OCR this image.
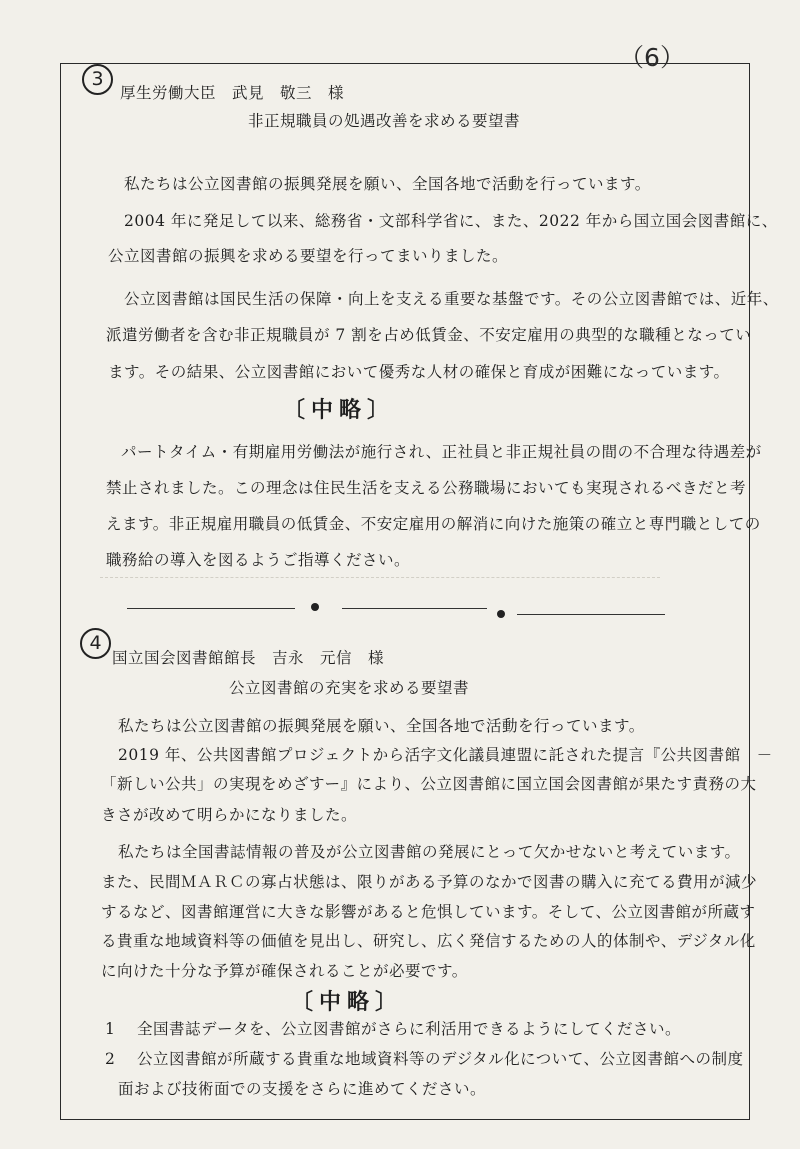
（6）
3
厚生労働大臣　武見　敬三　様
非正規職員の処遇改善を求める要望書
私たちは公立図書館の振興発展を願い、全国各地で活動を行っています。
2004 年に発足して以来、総務省・文部科学省に、また、2022 年から国立国会図書館に、
公立図書館の振興を求める要望を行ってまいりました。
公立図書館は国民生活の保障・向上を支える重要な基盤です。その公立図書館では、近年、
派遣労働者を含む非正規職員が 7 割を占め低賃金、不安定雇用の典型的な職種となってい
ます。その結果、公立図書館において優秀な人材の確保と育成が困難になっています。
〔中略〕
パートタイム・有期雇用労働法が施行され、正社員と非正規社員の間の不合理な待遇差が
禁止されました。この理念は住民生活を支える公務職場においても実現されるべきだと考
えます。非正規雇用職員の低賃金、不安定雇用の解消に向けた施策の確立と専門職としての
職務給の導入を図るようご指導ください。
4
国立国会図書館館長　吉永　元信　様
公立図書館の充実を求める要望書
私たちは公立図書館の振興発展を願い、全国各地で活動を行っています。
2019 年、公共図書館プロジェクトから活字文化議員連盟に託された提言『公共図書館　－
「新しい公共」の実現をめざすー』により、公立図書館に国立国会図書館が果たす責務の大
きさが改めて明らかになりました。
私たちは全国書誌情報の普及が公立図書館の発展にとって欠かせないと考えています。
また、民間ＭＡＲＣの寡占状態は、限りがある予算のなかで図書の購入に充てる費用が減少
するなど、図書館運営に大きな影響があると危惧しています。そして、公立図書館が所蔵す
る貴重な地域資料等の価値を見出し、研究し、広く発信するための人的体制や、デジタル化
に向けた十分な予算が確保されることが必要です。
〔中略〕
1 全国書誌データを、公立図書館がさらに利活用できるようにしてください。
2 公立図書館が所蔵する貴重な地域資料等のデジタル化について、公立図書館への制度
面および技術面での支援をさらに進めてください。
